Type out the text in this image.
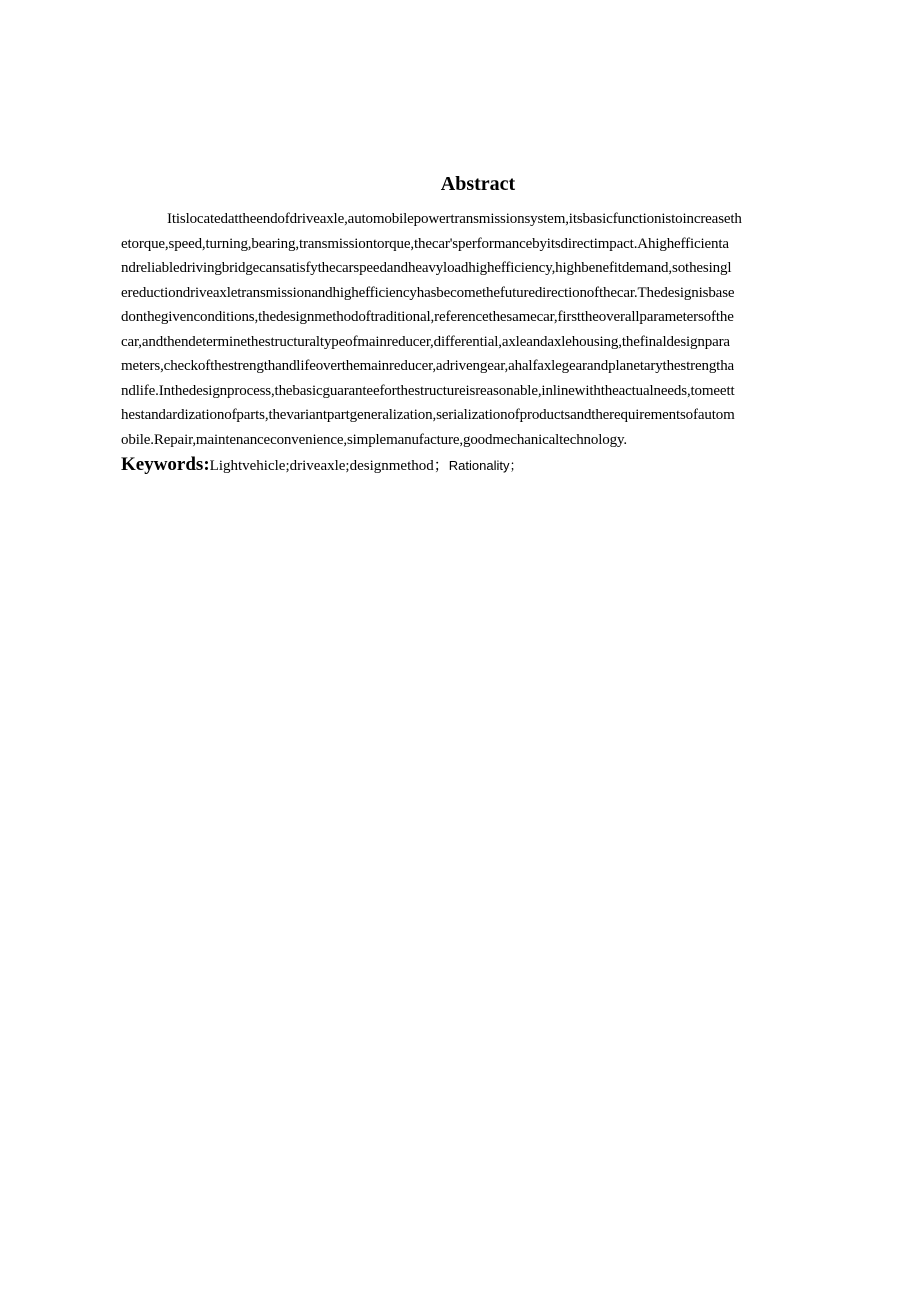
Abstract
Itislocatedattheendofdriveaxle,automobilepowertransmissionsystem,itsbasicfunctionistoincreaseth
etorque,speed,turning,bearing,transmissiontorque,thecar'sperformancebyitsdirectimpact.Ahighefficienta
ndreliabledrivingbridgecansatisfythecarspeedandheavyloadhighefficiency,highbenefitdemand,sothesingl
ereductiondriveaxletransmissionandhighefficiencyhasbecomethefuturedirectionofthecar.Thedesignisbase
donthegivenconditions,thedesignmethodoftraditional,referencethesamecar,firsttheoverallparametersofthe
car,andthendeterminethestructuraltypeofmainreducer,differential,axleandaxlehousing,thefinaldesignpara
meters,checkofthestrengthandlifeoverthemainreducer,adrivengear,ahalfaxlegearandplanetarythestrengtha
ndlife.Inthedesignprocess,thebasicguaranteeforthestructureisreasonable,inlinewiththeactualneeds,tomeett
hestandardizationofparts,thevariantpartgeneralization,serializationofproductsandtherequirementsofautom
obile.Repair,maintenanceconvenience,simplemanufacture,goodmechanicaltechnology.
Keywords:Lightvehicle;driveaxle;designmethod；Rationality；
